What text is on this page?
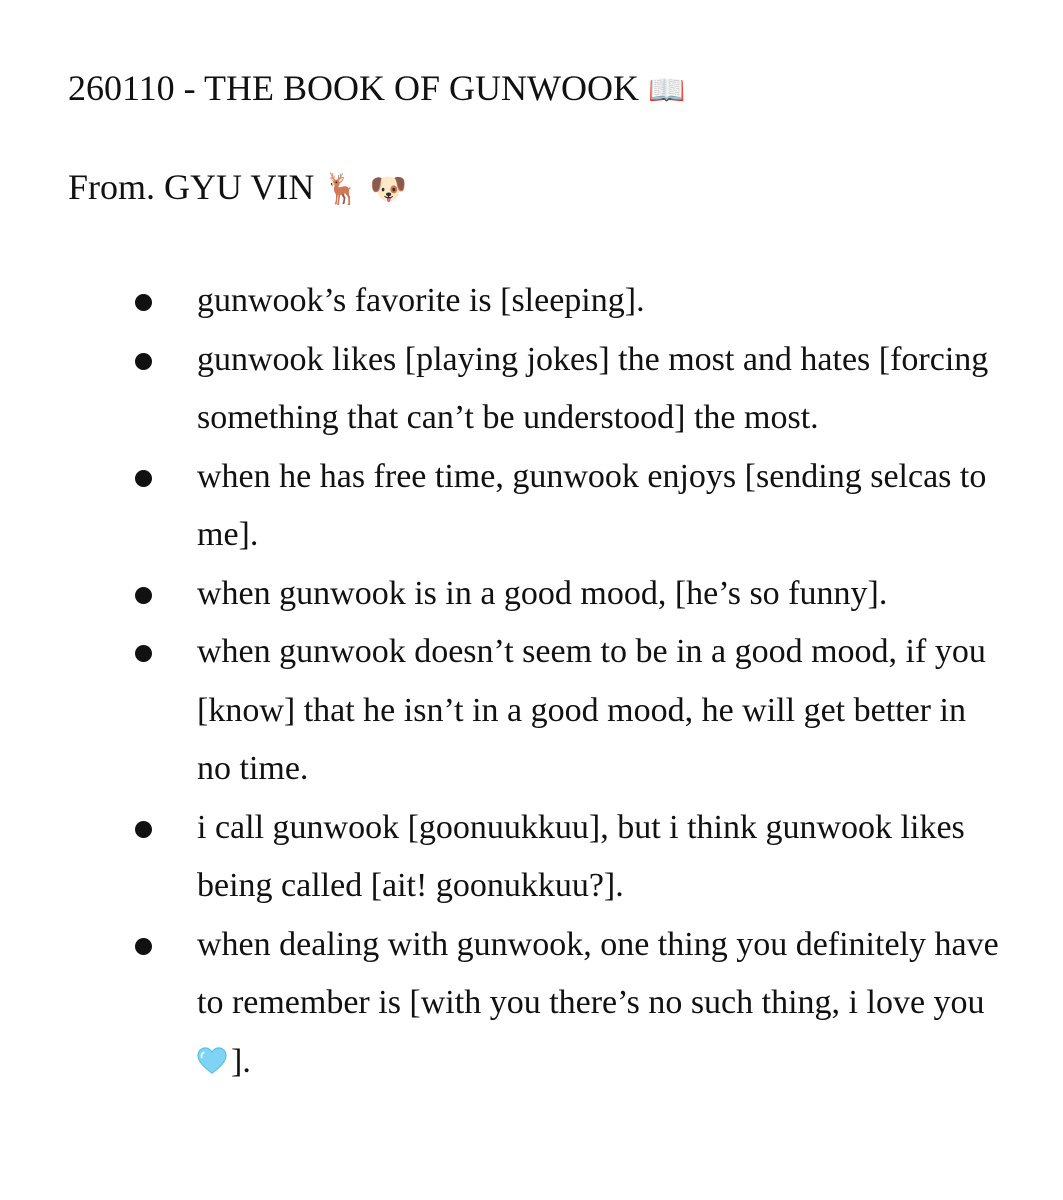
260110 - THE BOOK OF GUNWOOK 📖

From. GYU VIN 🦌 🐶

gunwook’s favorite is [sleeping].
gunwook likes [playing jokes] the most and hates [forcing something that can’t be understood] the most.
when he has free time, gunwook enjoys [sending selcas to me].
when gunwook is in a good mood, [he’s so funny].
when gunwook doesn’t seem to be in a good mood, if you [know] that he isn’t in a good mood, he will get better in no time.
i call gunwook [goonuukkuu], but i think gunwook likes being called [ait! goonukkuu?].
when dealing with gunwook, one thing you definitely have to remember is [with you there’s no such thing, i love you].
